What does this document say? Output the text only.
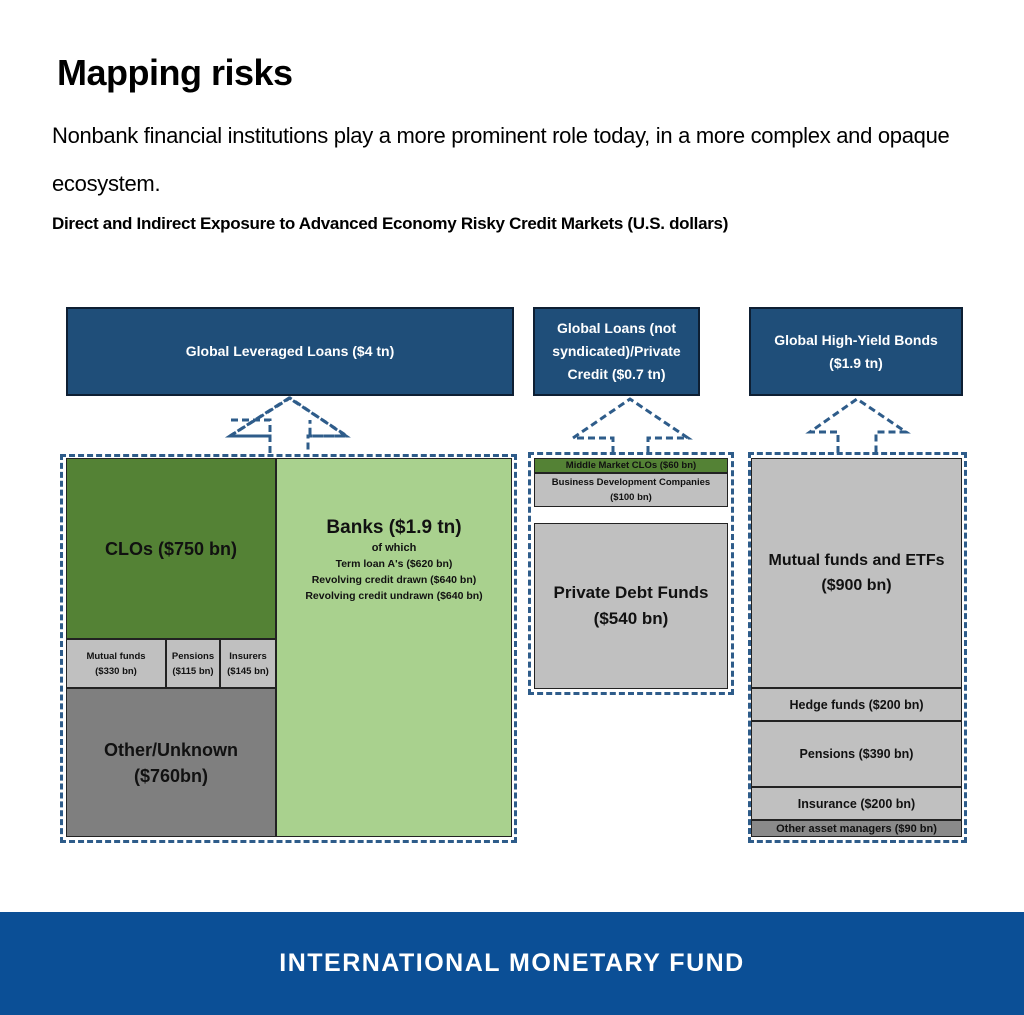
Mapping risks
Nonbank financial institutions play a more prominent role today, in a more complex and opaque ecosystem.
Direct and Indirect Exposure to Advanced Economy Risky Credit Markets (U.S. dollars)
Global Leveraged Loans ($4 tn)
CLOs ($750 bn)
Mutual funds
($330 bn)
Pensions
($115 bn)
Insurers
($145 bn)
Other/Unknown
($760bn)
Banks ($1.9 tn)
of which
Term loan A's ($620 bn)
Revolving credit drawn ($640 bn)
Revolving credit undrawn ($640 bn)
Global Loans (not
syndicated)/Private
Credit ($0.7 tn)
Middle Market CLOs ($60 bn)
Business Development Companies
($100 bn)
Private Debt Funds
($540 bn)
Global High-Yield Bonds
($1.9 tn)
Mutual funds and ETFs
($900 bn)
Hedge funds ($200 bn)
Pensions ($390 bn)
Insurance ($200 bn)
Other asset managers ($90 bn)
INTERNATIONAL MONETARY FUND
